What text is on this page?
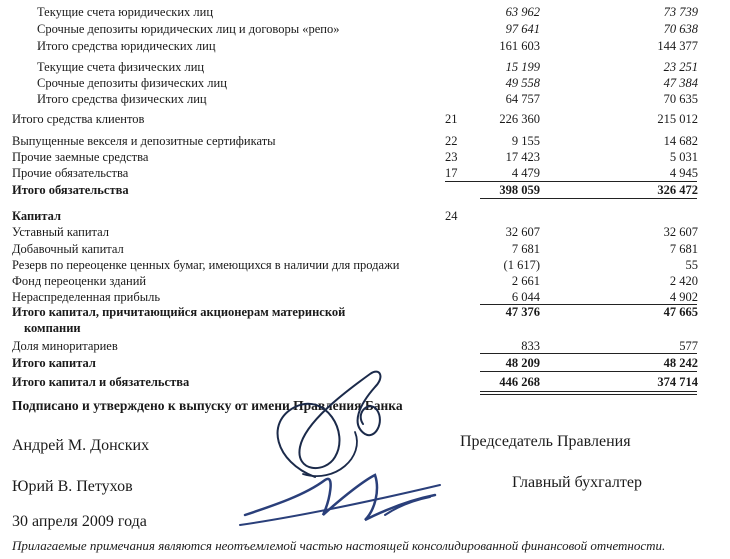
Текущие счета юридических лиц	63 962	73 739
Срочные депозиты юридических лиц и договоры «репо»	97 641	70 638
Итого средства юридических лиц	161 603	144 377
Текущие счета физических лиц	15 199	23 251
Срочные депозиты физических лиц	49 558	47 384
Итого средства физических лиц	64 757	70 635
Итого средства клиентов	21	226 360	215 012
Выпущенные векселя и депозитные сертификаты	22	9 155	14 682
Прочие заемные средства	23	17 423	5 031
Прочие обязательства	17	4 479	4 945
Итого обязательства	398 059	326 472
Капитал	24
Уставный капитал	32 607	32 607
Добавочный капитал	7 681	7 681
Резерв по переоценке ценных бумаг, имеющихся в наличии для продажи	(1 617)	55
Фонд переоценки зданий	2 661	2 420
Нераспределенная прибыль	6 044	4 902
Итого капитал, причитающийся акционерам материнской	47 376	47 665
компании
Доля миноритариев	833	577
Итого капитал	48 209	48 242
Итого капитал и обязательства	446 268	374 714
Подписано и утверждено к выпуску от имени Правления Банка
Андрей М. Донских	Председатель Правления
Юрий В. Петухов	Главный бухгалтер
30 апреля 2009 года
Прилагаемые примечания являются неотъемлемой частью настоящей консолидированной финансовой отчетности.
